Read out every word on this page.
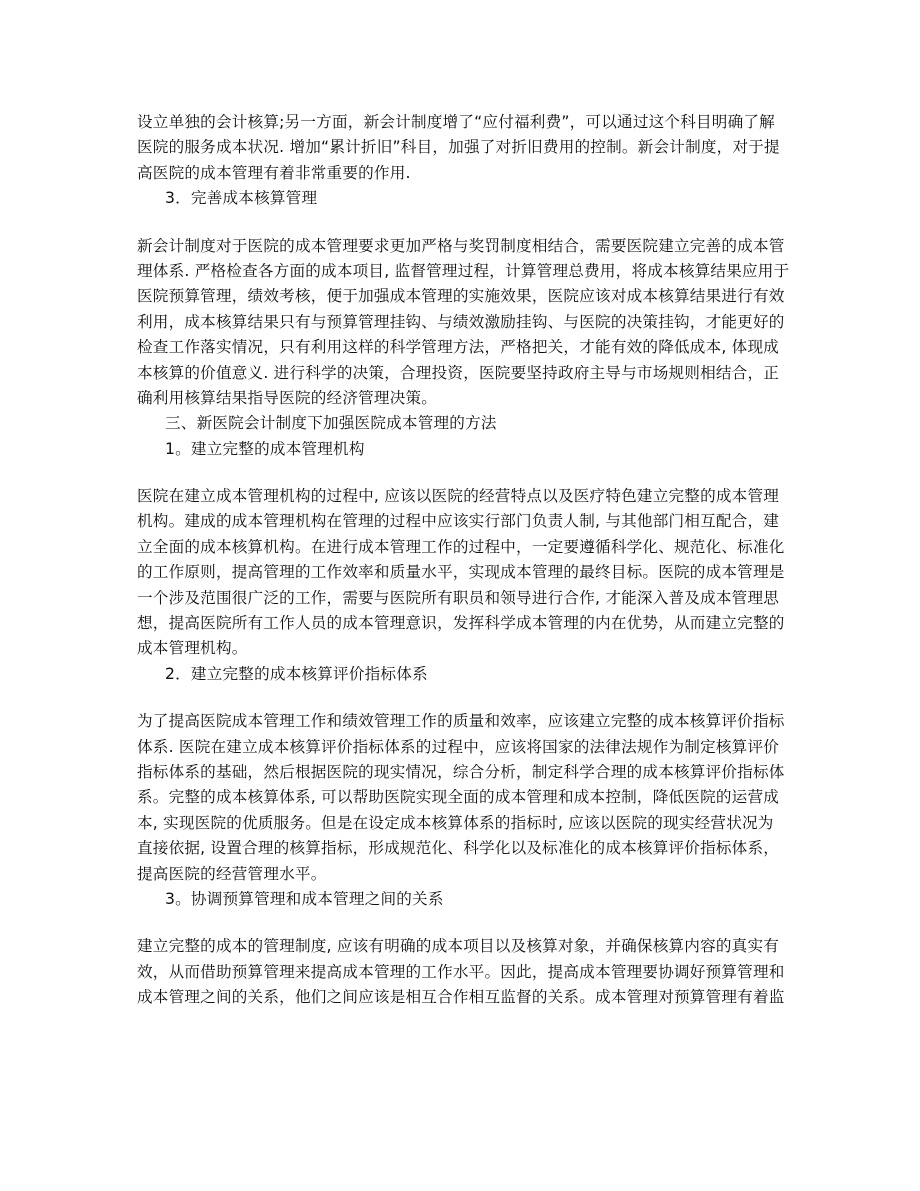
设立单独的会计核算;另一方面，新会计制度增了“应付福利费”，可以通过这个科目明确了解
医院的服务成本状况. 增加“累计折旧”科目，加强了对折旧费用的控制。新会计制度，对于提
高医院的成本管理有着非常重要的作用.
3．完善成本核算管理
新会计制度对于医院的成本管理要求更加严格与奖罚制度相结合，需要医院建立完善的成本管
理体系. 严格检查各方面的成本项目, 监督管理过程，计算管理总费用，将成本核算结果应用于
医院预算管理，绩效考核，便于加强成本管理的实施效果，医院应该对成本核算结果进行有效
利用，成本核算结果只有与预算管理挂钩、与绩效激励挂钩、与医院的决策挂钩，才能更好的
检查工作落实情况，只有利用这样的科学管理方法，严格把关，才能有效的降低成本, 体现成
本核算的价值意义. 进行科学的决策，合理投资，医院要坚持政府主导与市场规则相结合，正
确利用核算结果指导医院的经济管理决策。
三、新医院会计制度下加强医院成本管理的方法
1。建立完整的成本管理机构
医院在建立成本管理机构的过程中, 应该以医院的经营特点以及医疗特色建立完整的成本管理
机构。建成的成本管理机构在管理的过程中应该实行部门负责人制, 与其他部门相互配合，建
立全面的成本核算机构。在进行成本管理工作的过程中，一定要遵循科学化、规范化、标准化
的工作原则，提高管理的工作效率和质量水平，实现成本管理的最终目标。医院的成本管理是
一个涉及范围很广泛的工作，需要与医院所有职员和领导进行合作, 才能深入普及成本管理思
想，提高医院所有工作人员的成本管理意识，发挥科学成本管理的内在优势，从而建立完整的
成本管理机构。
2．建立完整的成本核算评价指标体系
为了提高医院成本管理工作和绩效管理工作的质量和效率，应该建立完整的成本核算评价指标
体系. 医院在建立成本核算评价指标体系的过程中，应该将国家的法律法规作为制定核算评价
指标体系的基础，然后根据医院的现实情况，综合分析，制定科学合理的成本核算评价指标体
系。完整的成本核算体系, 可以帮助医院实现全面的成本管理和成本控制，降低医院的运营成
本, 实现医院的优质服务。但是在设定成本核算体系的指标时, 应该以医院的现实经营状况为
直接依据, 设置合理的核算指标，形成规范化、科学化以及标准化的成本核算评价指标体系，
提高医院的经营管理水平。
3。协调预算管理和成本管理之间的关系
建立完整的成本的管理制度, 应该有明确的成本项目以及核算对象，并确保核算内容的真实有
效，从而借助预算管理来提高成本管理的工作水平。因此，提高成本管理要协调好预算管理和
成本管理之间的关系，他们之间应该是相互合作相互监督的关系。成本管理对预算管理有着监
